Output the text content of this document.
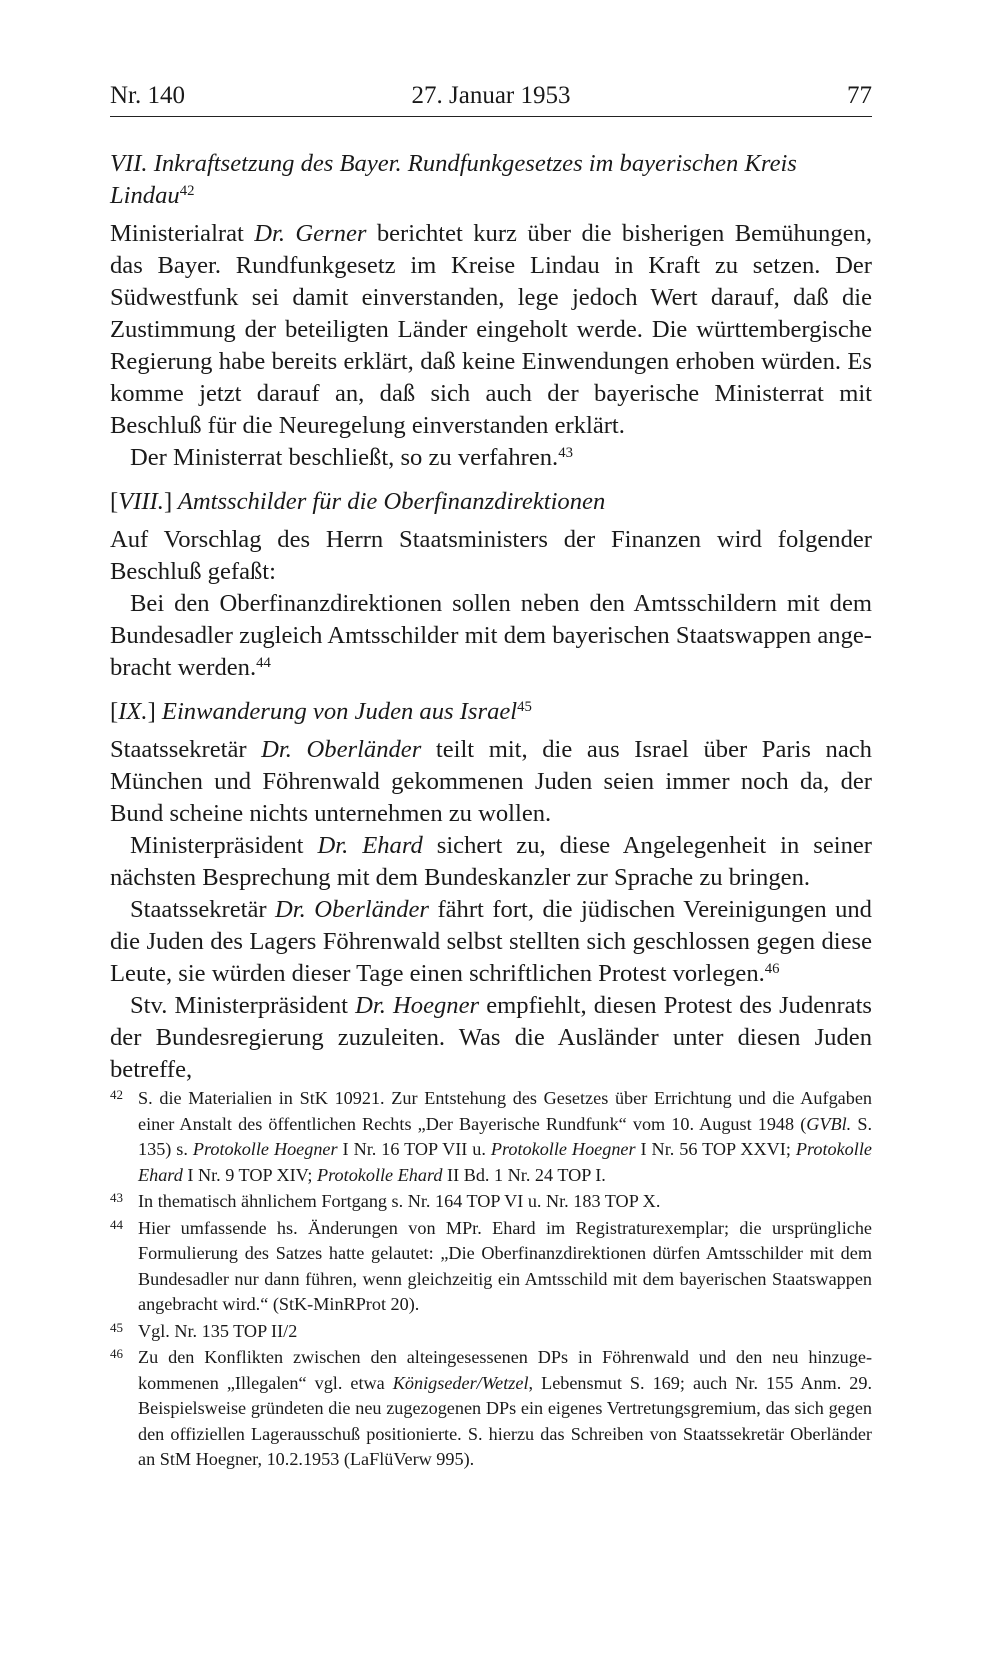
Nr. 140	27. Januar 1953	77
VII. Inkraftsetzung des Bayer. Rundfunkgesetzes im bayerischen Kreis Lindau$^{42}$

Ministerialrat Dr. Gerner berichtet kurz über die bisherigen Bemühungen, das Bayer. Rundfunkgesetz im Kreise Lindau in Kraft zu setzen. Der Südwestfunk sei damit einverstanden, lege jedoch Wert darauf, daß die Zustimmung der beteiligten Länder eingeholt werde. Die württembergische Regierung habe bereits erklärt, daß keine Einwendungen erhoben würden. Es komme jetzt darauf an, daß sich auch der bayerische Ministerrat mit Beschluß für die Neuregelung einverstanden erklärt.

Der Ministerrat beschließt, so zu verfahren.$^{43}$

[VIII.] Amtsschilder für die Oberfinanzdirektionen

Auf Vorschlag des Herrn Staatsministers der Finanzen wird folgender Beschluß gefaßt:

Bei den Oberfinanzdirektionen sollen neben den Amtsschildern mit dem Bundesadler zugleich Amtsschilder mit dem bayerischen Staatswappen angebracht werden.$^{44}$

[IX.] Einwanderung von Juden aus Israel$^{45}$

Staatssekretär Dr. Oberländer teilt mit, die aus Israel über Paris nach München und Föhrenwald gekommenen Juden seien immer noch da, der Bund scheine nichts unternehmen zu wollen.

Ministerpräsident Dr. Ehard sichert zu, diese Angelegenheit in seiner nächsten Besprechung mit dem Bundeskanzler zur Sprache zu bringen.

Staatssekretär Dr. Oberländer fährt fort, die jüdischen Vereinigungen und die Juden des Lagers Föhrenwald selbst stellten sich geschlossen gegen diese Leute, sie würden dieser Tage einen schriftlichen Protest vorlegen.$^{46}$

Stv. Ministerpräsident Dr. Hoegner empfiehlt, diesen Protest des Judenrats der Bundesregierung zuzuleiten. Was die Ausländer unter diesen Juden betreffe,

42 S. die Materialien in StK 10921. Zur Entstehung des Gesetzes über Errichtung und die Aufgaben einer Anstalt des öffentlichen Rechts „Der Bayerische Rundfunk“ vom 10. August 1948 (GVBl. S. 135) s. Protokolle Hoegner I Nr. 16 TOP VII u. Protokolle Hoegner I Nr. 56 TOP XXVI; Protokolle Ehard I Nr. 9 TOP XIV; Protokolle Ehard II Bd. 1 Nr. 24 TOP I.
43 In thematisch ähnlichem Fortgang s. Nr. 164 TOP VI u. Nr. 183 TOP X.
44 Hier umfassende hs. Änderungen von MPr. Ehard im Registraturexemplar; die ursprüngliche Formulierung des Satzes hatte gelautet: „Die Oberfinanzdirektionen dürfen Amtsschilder mit dem Bundesadler nur dann führen, wenn gleichzeitig ein Amtsschild mit dem bayerischen Staatswappen angebracht wird.“ (StK-MinRProt 20).
45 Vgl. Nr. 135 TOP II/2
46 Zu den Konflikten zwischen den alteingesessenen DPs in Föhrenwald und den neu hinzugekommenen „Illegalen“ vgl. etwa Königseder/Wetzel, Lebensmut S. 169; auch Nr. 155 Anm. 29. Beispielsweise gründeten die neu zugezogenen DPs ein eigenes Vertretungsgremium, das sich gegen den offiziellen Lagerausschuß positionierte. S. hierzu das Schreiben von Staatssekretär Oberländer an StM Hoegner, 10.2.1953 (LaFlüVerw 995).
